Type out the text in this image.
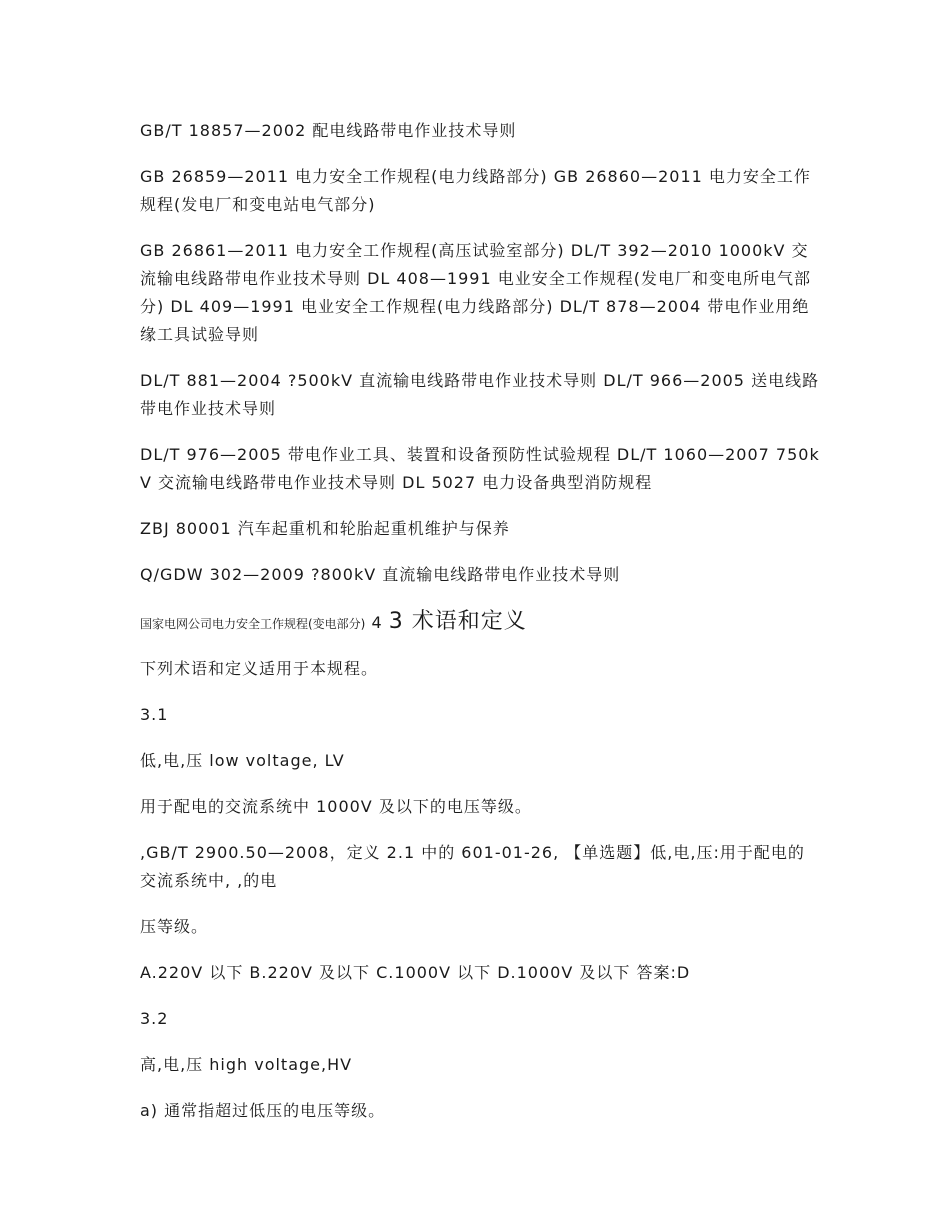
GB/T 18857—2002 配电线路带电作业技术导则

GB 26859—2011 电力安全工作规程(电力线路部分) GB 26860—2011 电力安全工作规程(发电厂和变电站电气部分)

GB 26861—2011 电力安全工作规程(高压试验室部分) DL/T 392—2010 1000kV 交流输电线路带电作业技术导则 DL 408—1991 电业安全工作规程(发电厂和变电所电气部分) DL 409—1991 电业安全工作规程(电力线路部分) DL/T 878—2004 带电作业用绝缘工具试验导则

DL/T 881—2004 ?500kV 直流输电线路带电作业技术导则 DL/T 966—2005 送电线路带电作业技术导则

DL/T 976—2005 带电作业工具、装置和设备预防性试验规程 DL/T 1060—2007 750kV 交流输电线路带电作业技术导则 DL 5027 电力设备典型消防规程

ZBJ 80001 汽车起重机和轮胎起重机维护与保养

Q/GDW 302—2009 ?800kV 直流输电线路带电作业技术导则

国家电网公司电力安全工作规程(变电部分) 4 3 术语和定义

下列术语和定义适用于本规程。

3.1

低,电,压 low voltage, LV

用于配电的交流系统中 1000V 及以下的电压等级。

,GB/T 2900.50—2008，定义 2.1 中的 601-01-26, 【单选题】低,电,压:用于配电的交流系统中, ,的电

压等级。

A.220V 以下 B.220V 及以下 C.1000V 以下 D.1000V 及以下 答案:D

3.2

高,电,压 high voltage,HV

a) 通常指超过低压的电压等级。
